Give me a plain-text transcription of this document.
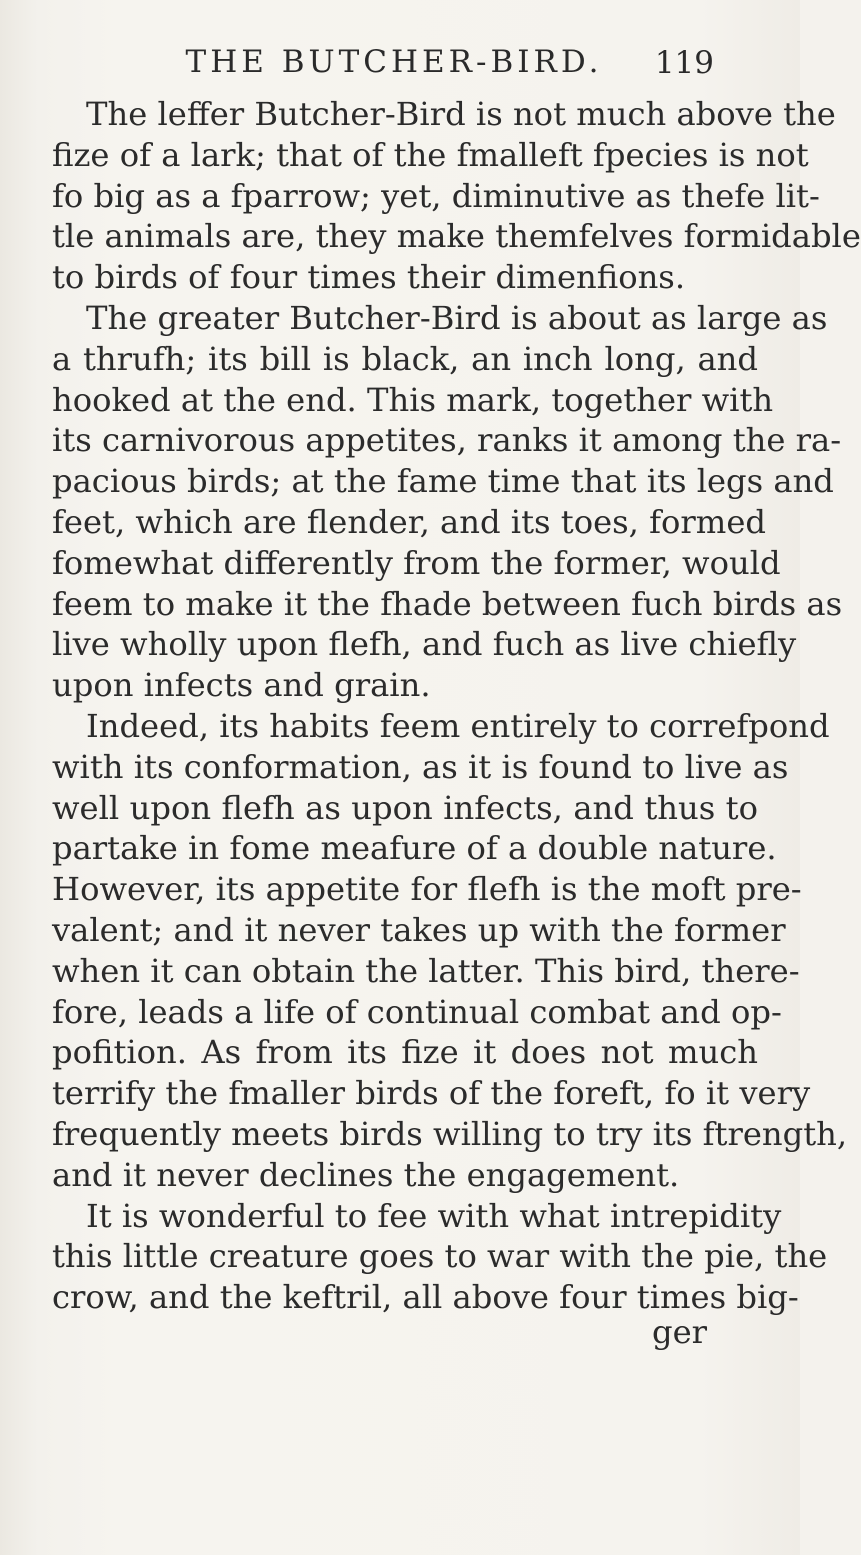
THE BUTCHER-BIRD.	119
The leffer Butcher-Bird is not much above the
fize of a lark; that of the fmalleft fpecies is not
fo big as a fparrow; yet, diminutive as thefe lit-
tle animals are, they make themfelves formidable
to birds of four times their dimenfions.
The greater Butcher-Bird is about as large as
a thrufh; its bill is black, an inch long, and
hooked at the end. This mark, together with
its carnivorous appetites, ranks it among the ra-
pacious birds; at the fame time that its legs and
feet, which are flender, and its toes, formed
fomewhat differently from the former, would
feem to make it the fhade between fuch birds as
live wholly upon flefh, and fuch as live chiefly
upon infects and grain.
Indeed, its habits feem entirely to correfpond
with its conformation, as it is found to live as
well upon flefh as upon infects, and thus to
partake in fome meafure of a double nature.
However, its appetite for flefh is the moft pre-
valent; and it never takes up with the former
when it can obtain the latter. This bird, there-
fore, leads a life of continual combat and op-
pofition. As from its fize it does not much
terrify the fmaller birds of the foreft, fo it very
frequently meets birds willing to try its ftrength,
and it never declines the engagement.
It is wonderful to fee with what intrepidity
this little creature goes to war with the pie, the
crow, and the keftril, all above four times big-
ger
